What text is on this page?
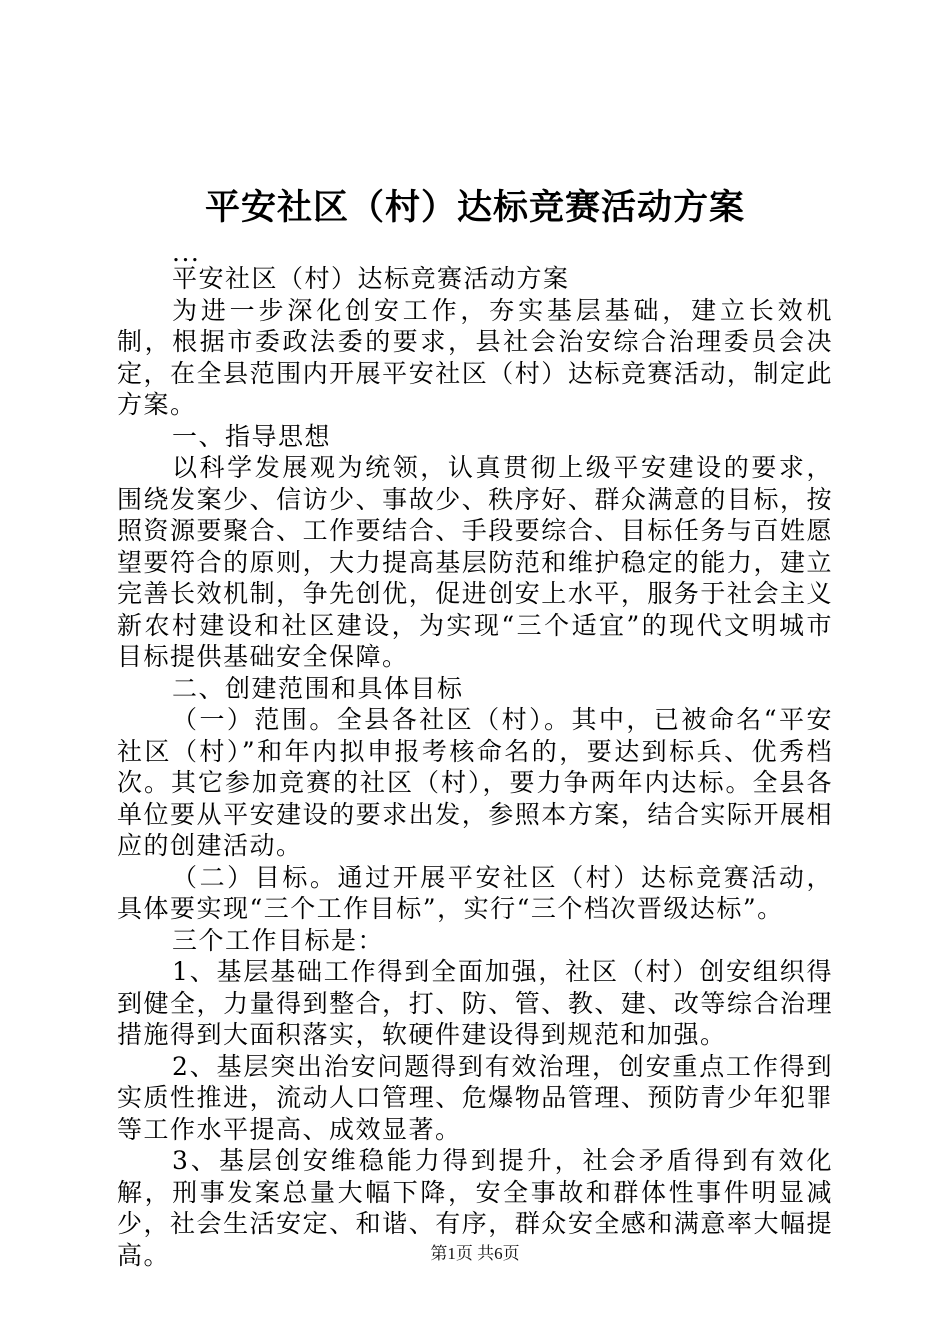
平安社区（村）达标竞赛活动方案

...

平安社区（村）达标竞赛活动方案

为进一步深化创安工作，夯实基层基础，建立长效机制，根据市委政法委的要求，县社会治安综合治理委员会决定，在全县范围内开展平安社区（村）达标竞赛活动，制定此方案。

一、指导思想

以科学发展观为统领，认真贯彻上级平安建设的要求，围绕发案少、信访少、事故少、秩序好、群众满意的目标，按照资源要聚合、工作要结合、手段要综合、目标任务与百姓愿望要符合的原则，大力提高基层防范和维护稳定的能力，建立完善长效机制，争先创优，促进创安上水平，服务于社会主义新农村建设和社区建设，为实现“三个适宜”的现代文明城市目标提供基础安全保障。

二、创建范围和具体目标

（一）范围。全县各社区（村）。其中，已被命名“平安社区（村）”和年内拟申报考核命名的，要达到标兵、优秀档次。其它参加竞赛的社区（村），要力争两年内达标。全县各单位要从平安建设的要求出发，参照本方案，结合实际开展相应的创建活动。

（二）目标。通过开展平安社区（村）达标竞赛活动，具体要实现“三个工作目标”，实行“三个档次晋级达标”。

三个工作目标是：

1、基层基础工作得到全面加强，社区（村）创安组织得到健全，力量得到整合，打、防、管、教、建、改等综合治理措施得到大面积落实，软硬件建设得到规范和加强。

2、基层突出治安问题得到有效治理，创安重点工作得到实质性推进，流动人口管理、危爆物品管理、预防青少年犯罪等工作水平提高、成效显著。

3、基层创安维稳能力得到提升，社会矛盾得到有效化解，刑事发案总量大幅下降，安全事故和群体性事件明显减少，社会生活安定、和谐、有序，群众安全感和满意率大幅提高。	第1页 共6页
